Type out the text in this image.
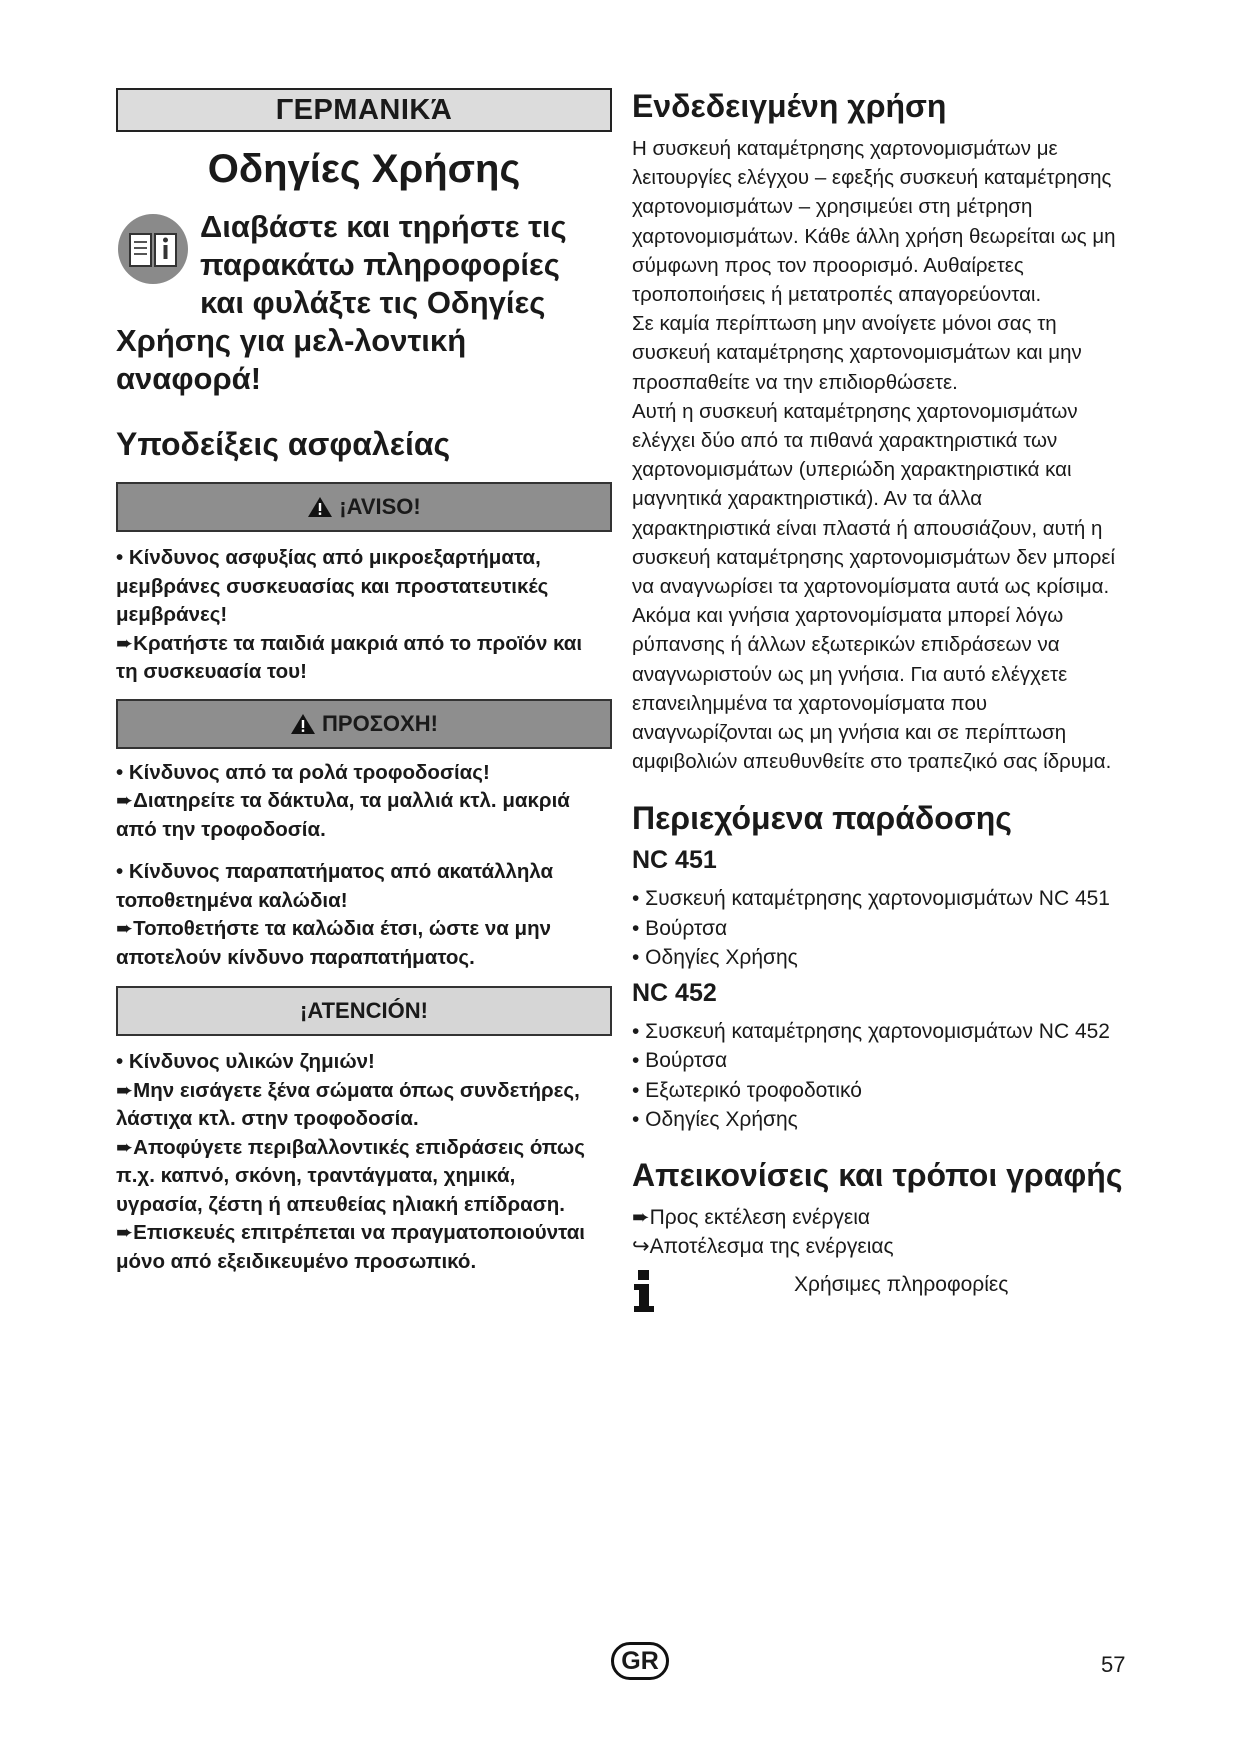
ΓΕΡΜΑΝΙΚΆ
Οδηγίες Χρήσης
Διαβάστε και τηρήστε τις παρακάτω πληροφορίες και φυλάξτε τις Οδηγίες Χρήσης για μελ-λοντική αναφορά!
Υποδείξεις ασφαλείας
¡AVISO!

• Κίνδυνος ασφυξίας από μικροεξαρτήματα,

μεμβράνες συσκευασίας και προστατευτικές

μεμβράνες!

➨Κρατήστε τα παιδιά μακριά από το προϊόν και

τη συσκευασία του!

ΠΡΟΣΟΧΗ!

• Κίνδυνος από τα ρολά τροφοδοσίας!

➨Διατηρείτε τα δάκτυλα, τα μαλλιά κτλ. μακριά

από την τροφοδοσία.

• Κίνδυνος παραπατήματος από ακατάλληλα

τοποθετημένα καλώδια!

➨Τοποθετήστε τα καλώδια έτσι, ώστε να μην

αποτελούν κίνδυνο παραπατήματος.

¡ATENCIÓN!

• Κίνδυνος υλικών ζημιών!

➨Μην εισάγετε ξένα σώματα όπως συνδετήρες,

λάστιχα κτλ. στην τροφοδοσία.

➨Αποφύγετε περιβαλλοντικές επιδράσεις όπως

π.χ. καπνό, σκόνη, τραντάγματα, χημικά,

υγρασία, ζέστη ή απευθείας ηλιακή επίδραση.

➨Επισκευές επιτρέπεται να πραγματοποιούνται

μόνο από εξειδικευμένο προσωπικό.

Ενδεδειγμένη χρήση

Η συσκευή καταμέτρησης χαρτονομισμάτων με

λειτουργίες ελέγχου – εφεξής συσκευή καταμέτρησης

χαρτονομισμάτων – χρησιμεύει στη μέτρηση

χαρτονομισμάτων. Κάθε άλλη χρήση θεωρείται ως μη

σύμφωνη προς τον προορισμό. Αυθαίρετες

τροποποιήσεις ή μετατροπές απαγορεύονται.

Σε καμία περίπτωση μην ανοίγετε μόνοι σας τη

συσκευή καταμέτρησης χαρτονομισμάτων και μην

προσπαθείτε να την επιδιορθώσετε.

Αυτή η συσκευή καταμέτρησης χαρτονομισμάτων

ελέγχει δύο από τα πιθανά χαρακτηριστικά των

χαρτονομισμάτων (υπεριώδη χαρακτηριστικά και

μαγνητικά χαρακτηριστικά). Αν τα άλλα

χαρακτηριστικά είναι πλαστά ή απουσιάζουν, αυτή η

συσκευή καταμέτρησης χαρτονομισμάτων δεν μπορεί

να αναγνωρίσει τα χαρτονομίσματα αυτά ως κρίσιμα.

Ακόμα και γνήσια χαρτονομίσματα μπορεί λόγω

ρύπανσης ή άλλων εξωτερικών επιδράσεων να

αναγνωριστούν ως μη γνήσια. Για αυτό ελέγχετε

επανειλημμένα τα χαρτονομίσματα που

αναγνωρίζονται ως μη γνήσια και σε περίπτωση

αμφιβολιών απευθυνθείτε στο τραπεζικό σας ίδρυμα.

Περιεχόμενα παράδοσης
NC 451

• Συσκευή καταμέτρησης χαρτονομισμάτων NC 451

• Βούρτσα

• Οδηγίες Χρήσης

NC 452

• Συσκευή καταμέτρησης χαρτονομισμάτων NC 452

• Βούρτσα

• Εξωτερικό τροφοδοτικό

• Οδηγίες Χρήσης

Απεικονίσεις και τρόποι γραφής

➨Προς εκτέλεση ενέργεια

↪Αποτέλεσμα της ενέργειας

Χρήσιμες πληροφορίες
GR	57
